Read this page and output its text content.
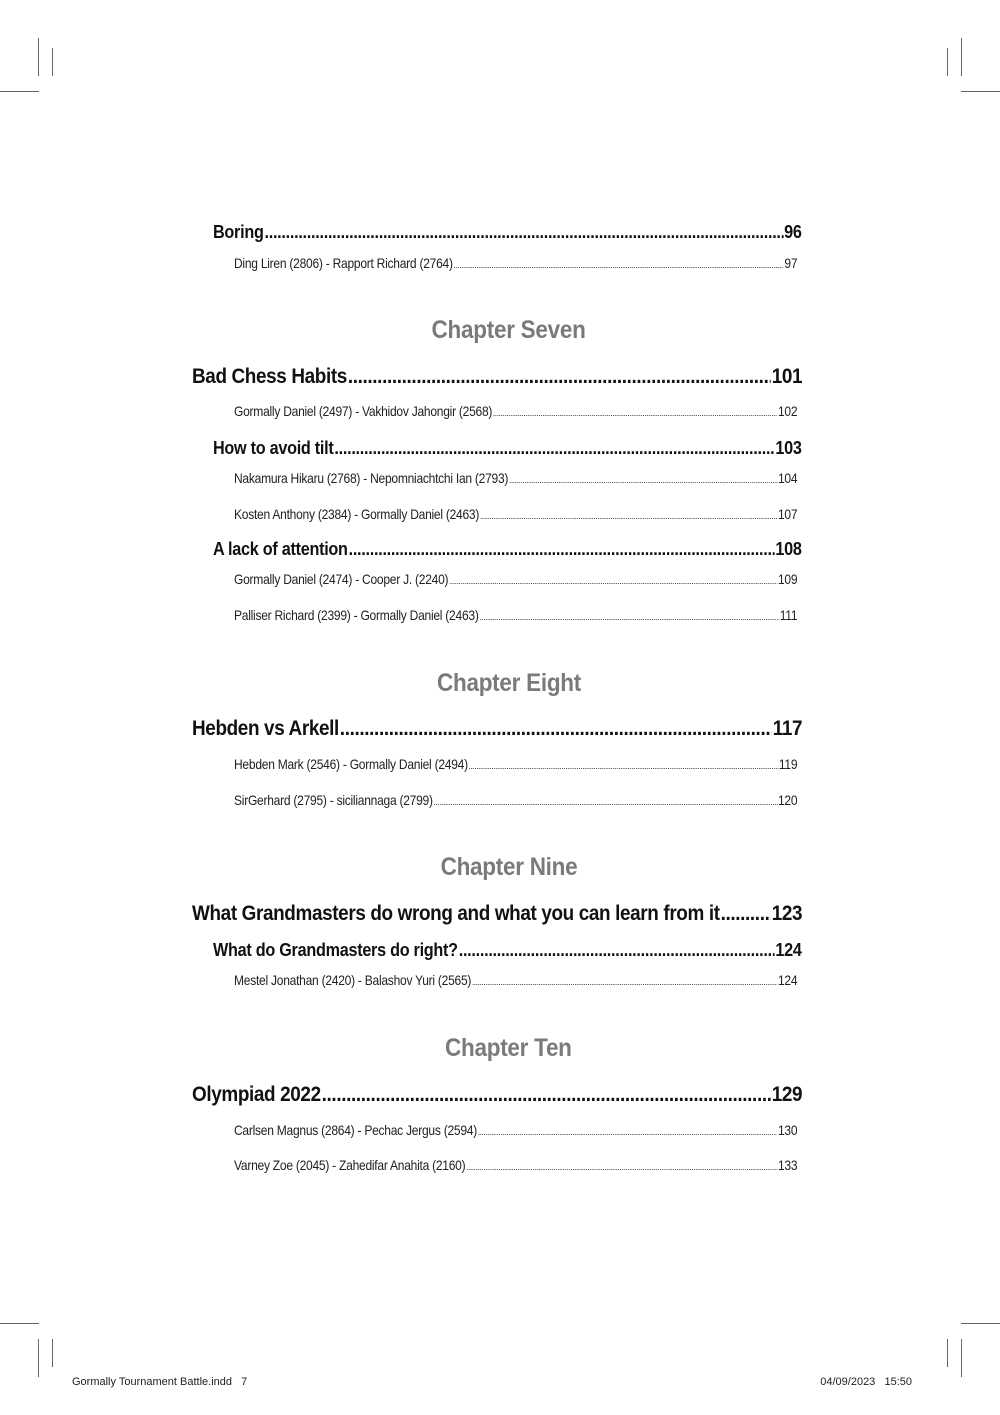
Boring .....	96
Ding Liren (2806) - Rapport Richard (2764) .....	97
Chapter Seven
Bad Chess Habits .....	101
Gormally Daniel (2497) - Vakhidov Jahongir (2568) .....	102
How to avoid tilt .....	103
Nakamura Hikaru (2768) - Nepomniachtchi Ian (2793) .....	104
Kosten Anthony (2384) - Gormally Daniel (2463) .....	107
A lack of attention .....	108
Gormally Daniel (2474) - Cooper J. (2240) .....	109
Palliser Richard (2399) - Gormally Daniel (2463) .....	111
Chapter Eight
Hebden vs Arkell .....	117
Hebden Mark (2546) - Gormally Daniel (2494) .....	119
SirGerhard (2795) - siciliannaga (2799) .....	120
Chapter Nine
What Grandmasters do wrong and what you can learn from it ..... 123
What do Grandmasters do right? .....	124
Mestel Jonathan (2420) - Balashov Yuri (2565) .....	124
Chapter Ten
Olympiad 2022 .....	129
Carlsen Magnus (2864) - Pechac Jergus (2594) .....	130
Varney Zoe (2045) - Zahedifar Anahita (2160) .....	133
Gormally Tournament Battle.indd   7	04/09/2023   15:50
